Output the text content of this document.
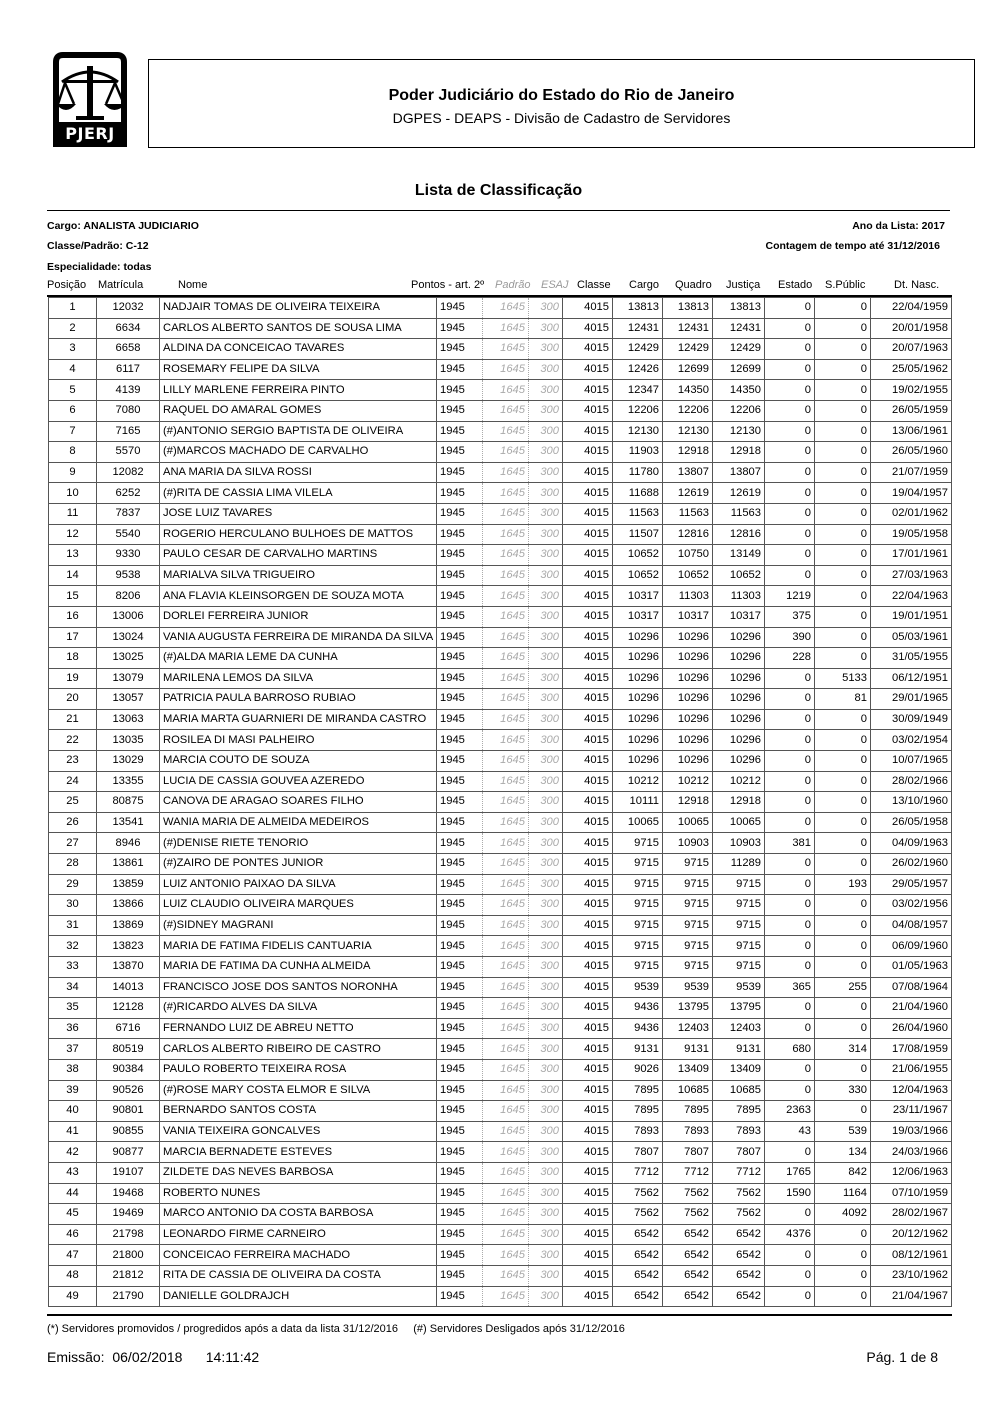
PJERJ
Poder Judiciário do Estado do Rio de Janeiro
DGPES - DEAPS - Divisão de Cadastro de Servidores
Lista de Classificação
Cargo: ANALISTA JUDICIARIO	Ano da Lista: 2017
Classe/Padrão: C-12	Contagem de tempo até 31/12/2016
Especialidade: todas
Posição Matrícula	Nome	Pontos - art. 2º Padrão ESAJ Classe Cargo Quadro Justiça Estado S.Públic	Dt. Nasc.
1	12032	NADJAIR TOMAS DE OLIVEIRA TEIXEIRA	1945	1645	300	4015	13813	13813	13813	0	0	22/04/1959
2	6634	CARLOS ALBERTO SANTOS DE SOUSA LIMA	1945	1645	300	4015	12431	12431	12431	0	0	20/01/1958
3	6658	ALDINA DA CONCEICAO TAVARES	1945	1645	300	4015	12429	12429	12429	0	0	20/07/1963
4	6117	ROSEMARY FELIPE DA SILVA	1945	1645	300	4015	12426	12699	12699	0	0	25/05/1962
5	4139	LILLY MARLENE FERREIRA PINTO	1945	1645	300	4015	12347	14350	14350	0	0	19/02/1955
6	7080	RAQUEL DO AMARAL GOMES	1945	1645	300	4015	12206	12206	12206	0	0	26/05/1959
7	7165	(#)ANTONIO SERGIO BAPTISTA DE OLIVEIRA	1945	1645	300	4015	12130	12130	12130	0	0	13/06/1961
8	5570	(#)MARCOS MACHADO DE CARVALHO	1945	1645	300	4015	11903	12918	12918	0	0	26/05/1960
9	12082	ANA MARIA DA SILVA ROSSI	1945	1645	300	4015	11780	13807	13807	0	0	21/07/1959
10	6252	(#)RITA DE CASSIA LIMA VILELA	1945	1645	300	4015	11688	12619	12619	0	0	19/04/1957
11	7837	JOSE LUIZ TAVARES	1945	1645	300	4015	11563	11563	11563	0	0	02/01/1962
12	5540	ROGERIO HERCULANO BULHOES DE MATTOS	1945	1645	300	4015	11507	12816	12816	0	0	19/05/1958
13	9330	PAULO CESAR DE CARVALHO MARTINS	1945	1645	300	4015	10652	10750	13149	0	0	17/01/1961
14	9538	MARIALVA SILVA TRIGUEIRO	1945	1645	300	4015	10652	10652	10652	0	0	27/03/1963
15	8206	ANA FLAVIA KLEINSORGEN DE SOUZA MOTA	1945	1645	300	4015	10317	11303	11303	1219	0	22/04/1963
16	13006	DORLEI FERREIRA JUNIOR	1945	1645	300	4015	10317	10317	10317	375	0	19/01/1951
17	13024	VANIA AUGUSTA FERREIRA DE MIRANDA DA SILVA	1945	1645	300	4015	10296	10296	10296	390	0	05/03/1961
18	13025	(#)ALDA MARIA LEME DA CUNHA	1945	1645	300	4015	10296	10296	10296	228	0	31/05/1955
19	13079	MARILENA LEMOS DA SILVA	1945	1645	300	4015	10296	10296	10296	0	5133	06/12/1951
20	13057	PATRICIA PAULA BARROSO RUBIAO	1945	1645	300	4015	10296	10296	10296	0	81	29/01/1965
21	13063	MARIA MARTA GUARNIERI DE MIRANDA CASTRO	1945	1645	300	4015	10296	10296	10296	0	0	30/09/1949
22	13035	ROSILEA DI MASI PALHEIRO	1945	1645	300	4015	10296	10296	10296	0	0	03/02/1954
23	13029	MARCIA COUTO DE SOUZA	1945	1645	300	4015	10296	10296	10296	0	0	10/07/1965
24	13355	LUCIA DE CASSIA GOUVEA AZEREDO	1945	1645	300	4015	10212	10212	10212	0	0	28/02/1966
25	80875	CANOVA DE ARAGAO SOARES FILHO	1945	1645	300	4015	10111	12918	12918	0	0	13/10/1960
26	13541	WANIA MARIA DE ALMEIDA MEDEIROS	1945	1645	300	4015	10065	10065	10065	0	0	26/05/1958
27	8946	(#)DENISE RIETE TENORIO	1945	1645	300	4015	9715	10903	10903	381	0	04/09/1963
28	13861	(#)ZAIRO DE PONTES JUNIOR	1945	1645	300	4015	9715	9715	11289	0	0	26/02/1960
29	13859	LUIZ ANTONIO PAIXAO DA SILVA	1945	1645	300	4015	9715	9715	9715	0	193	29/05/1957
30	13866	LUIZ CLAUDIO OLIVEIRA MARQUES	1945	1645	300	4015	9715	9715	9715	0	0	03/02/1956
31	13869	(#)SIDNEY MAGRANI	1945	1645	300	4015	9715	9715	9715	0	0	04/08/1957
32	13823	MARIA DE FATIMA FIDELIS CANTUARIA	1945	1645	300	4015	9715	9715	9715	0	0	06/09/1960
33	13870	MARIA DE FATIMA DA CUNHA ALMEIDA	1945	1645	300	4015	9715	9715	9715	0	0	01/05/1963
34	14013	FRANCISCO JOSE DOS SANTOS NORONHA	1945	1645	300	4015	9539	9539	9539	365	255	07/08/1964
35	12128	(#)RICARDO ALVES DA SILVA	1945	1645	300	4015	9436	13795	13795	0	0	21/04/1960
36	6716	FERNANDO LUIZ DE ABREU NETTO	1945	1645	300	4015	9436	12403	12403	0	0	26/04/1960
37	80519	CARLOS ALBERTO RIBEIRO DE CASTRO	1945	1645	300	4015	9131	9131	9131	680	314	17/08/1959
38	90384	PAULO ROBERTO TEIXEIRA ROSA	1945	1645	300	4015	9026	13409	13409	0	0	21/06/1955
39	90526	(#)ROSE MARY COSTA ELMOR E SILVA	1945	1645	300	4015	7895	10685	10685	0	330	12/04/1963
40	90801	BERNARDO SANTOS COSTA	1945	1645	300	4015	7895	7895	7895	2363	0	23/11/1967
41	90855	VANIA TEIXEIRA GONCALVES	1945	1645	300	4015	7893	7893	7893	43	539	19/03/1966
42	90877	MARCIA BERNADETE ESTEVES	1945	1645	300	4015	7807	7807	7807	0	134	24/03/1966
43	19107	ZILDETE DAS NEVES BARBOSA	1945	1645	300	4015	7712	7712	7712	1765	842	12/06/1963
44	19468	ROBERTO NUNES	1945	1645	300	4015	7562	7562	7562	1590	1164	07/10/1959
45	19469	MARCO ANTONIO DA COSTA BARBOSA	1945	1645	300	4015	7562	7562	7562	0	4092	28/02/1967
46	21798	LEONARDO FIRME CARNEIRO	1945	1645	300	4015	6542	6542	6542	4376	0	20/12/1962
47	21800	CONCEICAO FERREIRA MACHADO	1945	1645	300	4015	6542	6542	6542	0	0	08/12/1961
48	21812	RITA DE CASSIA DE OLIVEIRA DA COSTA	1945	1645	300	4015	6542	6542	6542	0	0	23/10/1962
49	21790	DANIELLE GOLDRAJCH	1945	1645	300	4015	6542	6542	6542	0	0	21/04/1967
(*) Servidores promovidos / progredidos após a data da lista 31/12/2016     (#) Servidores Desligados após 31/12/2016
Emissão:  06/02/2018      14:11:42	Pág. 1 de 8
